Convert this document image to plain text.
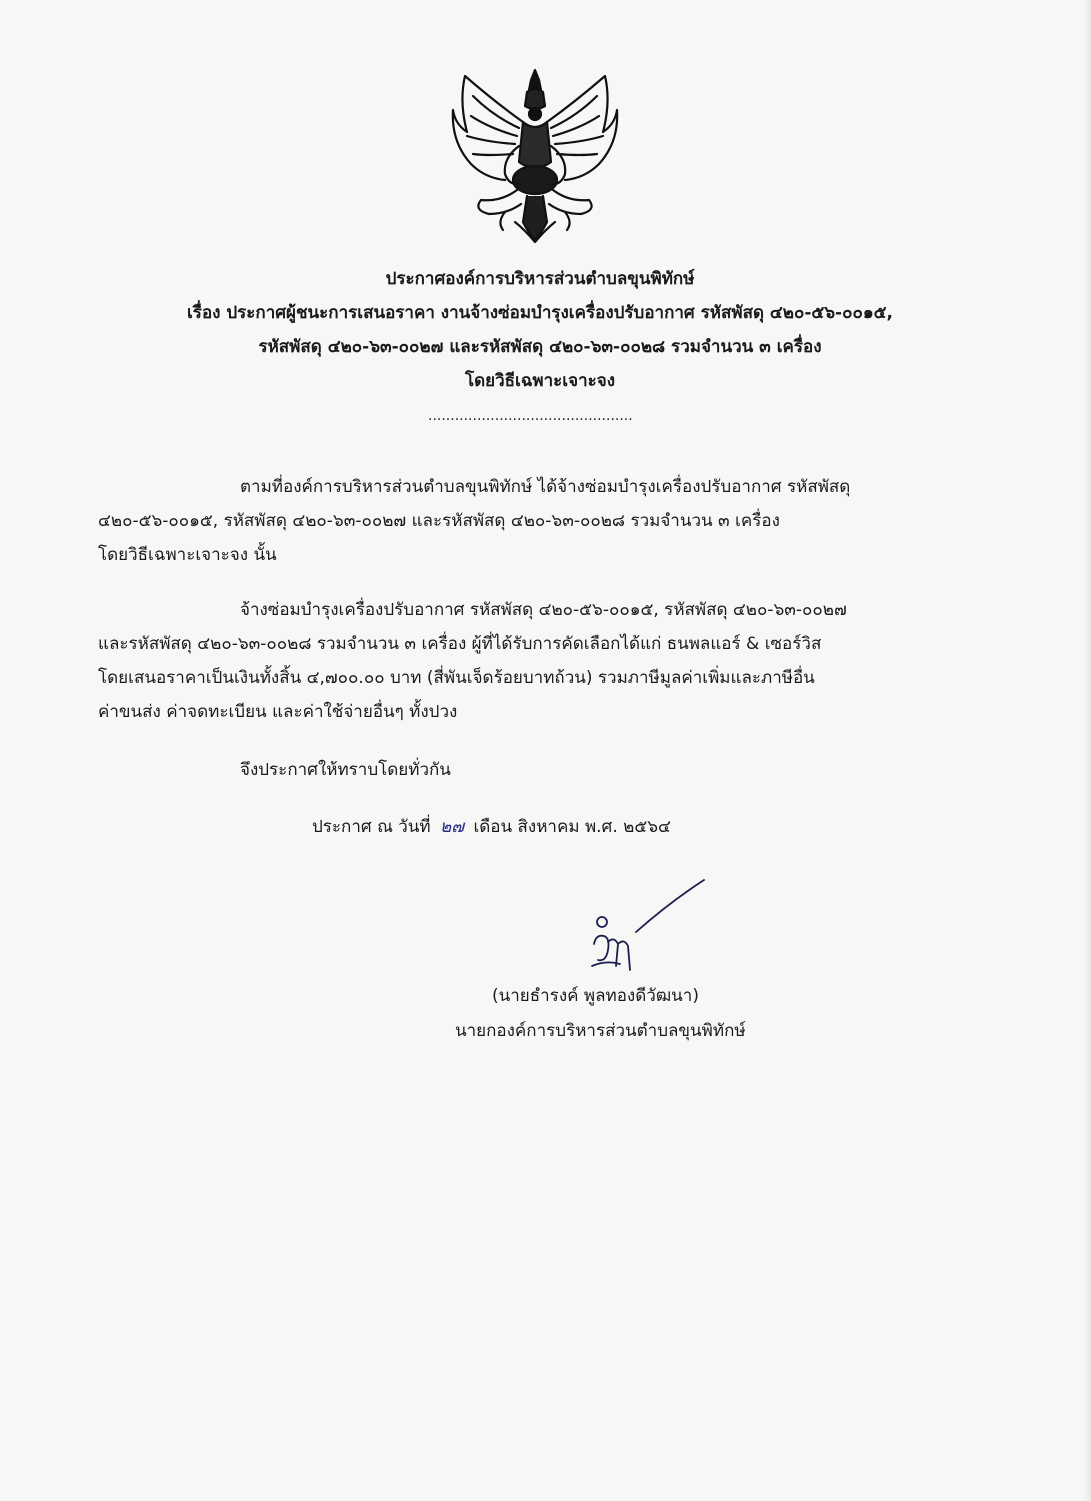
ประกาศองค์การบริหารส่วนตำบลขุนพิทักษ์
เรื่อง ประกาศผู้ชนะการเสนอราคา งานจ้างซ่อมบำรุงเครื่องปรับอากาศ รหัสพัสดุ ๔๒๐-๕๖-๐๐๑๕,
รหัสพัสดุ ๔๒๐-๖๓-๐๐๒๗ และรหัสพัสดุ ๔๒๐-๖๓-๐๐๒๘ รวมจำนวน ๓ เครื่อง
โดยวิธีเฉพาะเจาะจง
..............................................
ตามที่องค์การบริหารส่วนตำบลขุนพิทักษ์ ได้จ้างซ่อมบำรุงเครื่องปรับอากาศ รหัสพัสดุ
๔๒๐-๕๖-๐๐๑๕, รหัสพัสดุ ๔๒๐-๖๓-๐๐๒๗ และรหัสพัสดุ ๔๒๐-๖๓-๐๐๒๘ รวมจำนวน ๓ เครื่อง
โดยวิธีเฉพาะเจาะจง นั้น
จ้างซ่อมบำรุงเครื่องปรับอากาศ รหัสพัสดุ ๔๒๐-๕๖-๐๐๑๕, รหัสพัสดุ ๔๒๐-๖๓-๐๐๒๗
และรหัสพัสดุ ๔๒๐-๖๓-๐๐๒๘ รวมจำนวน ๓ เครื่อง ผู้ที่ได้รับการคัดเลือกได้แก่ ธนพลแอร์ & เซอร์วิส
โดยเสนอราคาเป็นเงินทั้งสิ้น ๔,๗๐๐.๐๐ บาท (สี่พันเจ็ดร้อยบาทถ้วน) รวมภาษีมูลค่าเพิ่มและภาษีอื่น
ค่าขนส่ง ค่าจดทะเบียน และค่าใช้จ่ายอื่นๆ ทั้งปวง
จึงประกาศให้ทราบโดยทั่วกัน
ประกาศ ณ วันที่ ๒๗ เดือน สิงหาคม พ.ศ. ๒๕๖๔
(นายธำรงค์ พูลทองดีวัฒนา)
นายกองค์การบริหารส่วนตำบลขุนพิทักษ์
